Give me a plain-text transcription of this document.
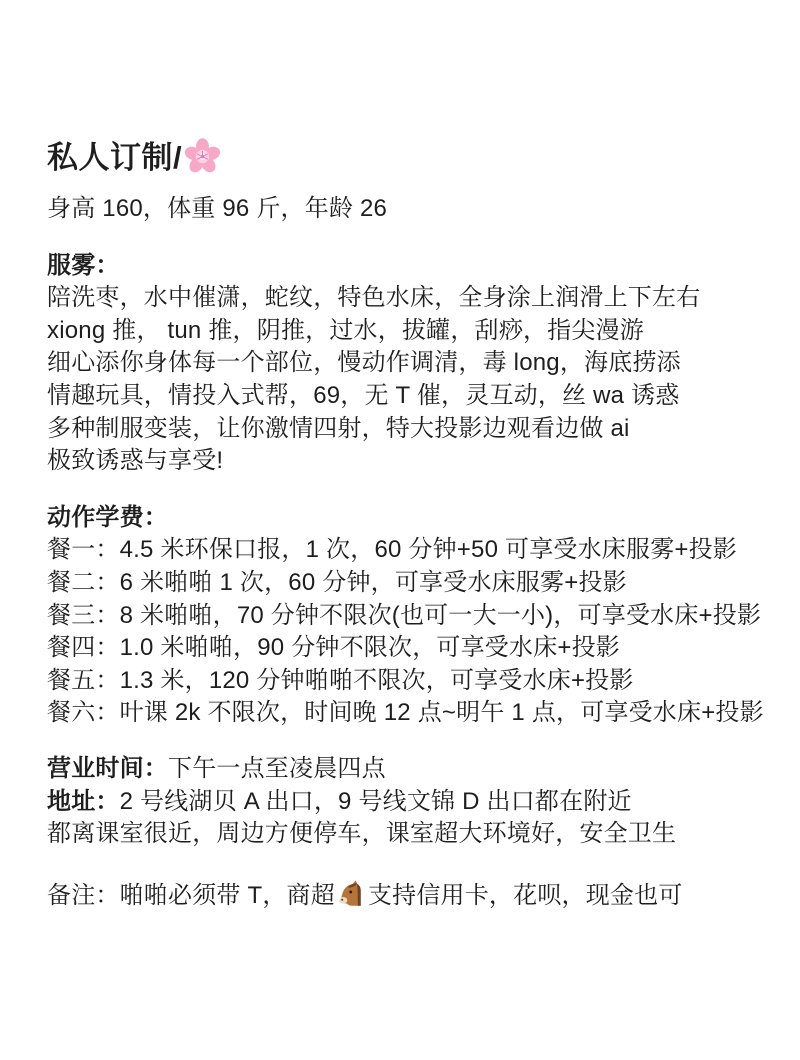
私人订制/

身高 160，体重 96 斤，年龄 26

服雾：

陪洗枣，水中催潇，蛇纹，特色水床，全身涂上润滑上下左右

xiong 推， tun 推，阴推，过水，拔罐，刮痧，指尖漫游

细心添你身体每一个部位，慢动作调清，毒 long，海底捞添

情趣玩具，情投入式帮，69，无 T 催，灵互动，丝 wa 诱惑

多种制服变装，让你激情四射，特大投影边观看边做 ai

极致诱惑与享受!

动作学费：

餐一：4.5 米环保口报，1 次，60 分钟+50 可享受水床服雾+投影

餐二：6 米啪啪 1 次，60 分钟，可享受水床服雾+投影

餐三：8 米啪啪，70 分钟不限次(也可一大一小)，可享受水床+投影

餐四：1.0 米啪啪，90 分钟不限次，可享受水床+投影

餐五：1.3 米，120 分钟啪啪不限次，可享受水床+投影

餐六：叶课 2k 不限次，时间晚 12 点~明午 1 点，可享受水床+投影

营业时间：下午一点至凌晨四点

地址：2 号线湖贝 A 出口，9 号线文锦 D 出口都在附近

都离课室很近，周边方便停车，课室超大环境好，安全卫生

备注：啪啪必须带 T，商超 支持信用卡，花呗，现金也可
